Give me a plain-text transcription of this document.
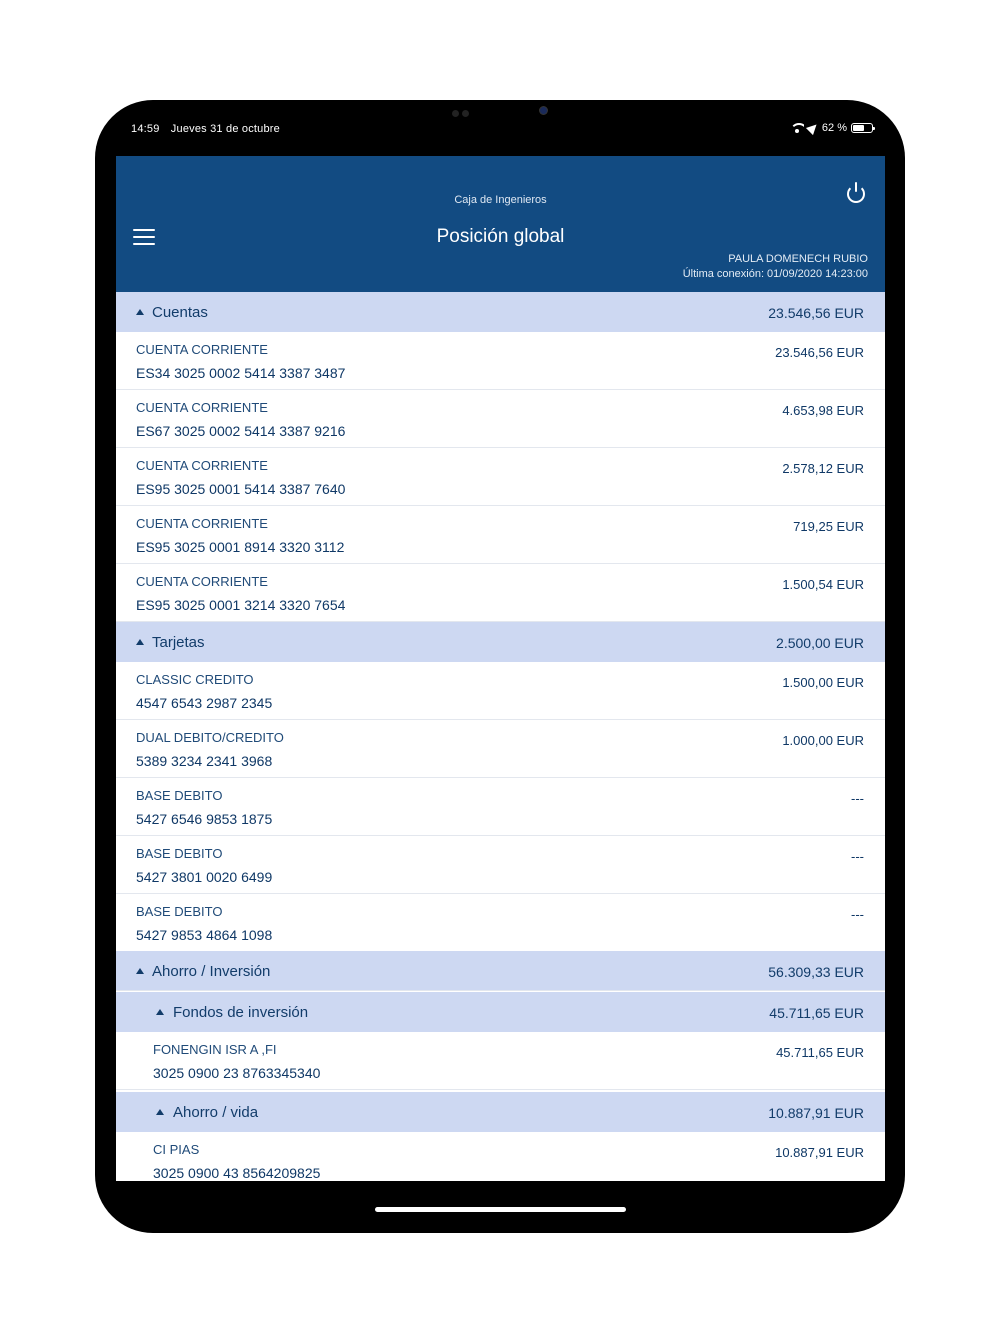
14:59 Jueves 31 de octubre	62 %
Caja de Ingenieros
Posición global
PAULA DOMENECH RUBIO
Última conexión: 01/09/2020 14:23:00
Cuentas	23.546,56 EUR
CUENTA CORRIENTE
ES34 3025 0002 5414 3387 3487
23.546,56 EUR
CUENTA CORRIENTE
ES67 3025 0002 5414 3387 9216
4.653,98 EUR
CUENTA CORRIENTE
ES95 3025 0001 5414 3387 7640
2.578,12 EUR
CUENTA CORRIENTE
ES95 3025 0001 8914 3320 3112
719,25 EUR
CUENTA CORRIENTE
ES95 3025 0001 3214 3320 7654
1.500,54 EUR
Tarjetas	2.500,00 EUR
CLASSIC CREDITO
4547 6543 2987 2345
1.500,00 EUR
DUAL DEBITO/CREDITO
5389 3234 2341 3968
1.000,00 EUR
BASE DEBITO
5427 6546 9853 1875
---
BASE DEBITO
5427 3801 0020 6499
---
BASE DEBITO
5427 9853 4864 1098
---
Ahorro / Inversión	56.309,33 EUR
Fondos de inversión	45.711,65 EUR
FONENGIN ISR A ,FI
3025 0900 23 8763345340
45.711,65 EUR
Ahorro / vida	10.887,91 EUR
CI PIAS
3025 0900 43 8564209825
10.887,91 EUR
